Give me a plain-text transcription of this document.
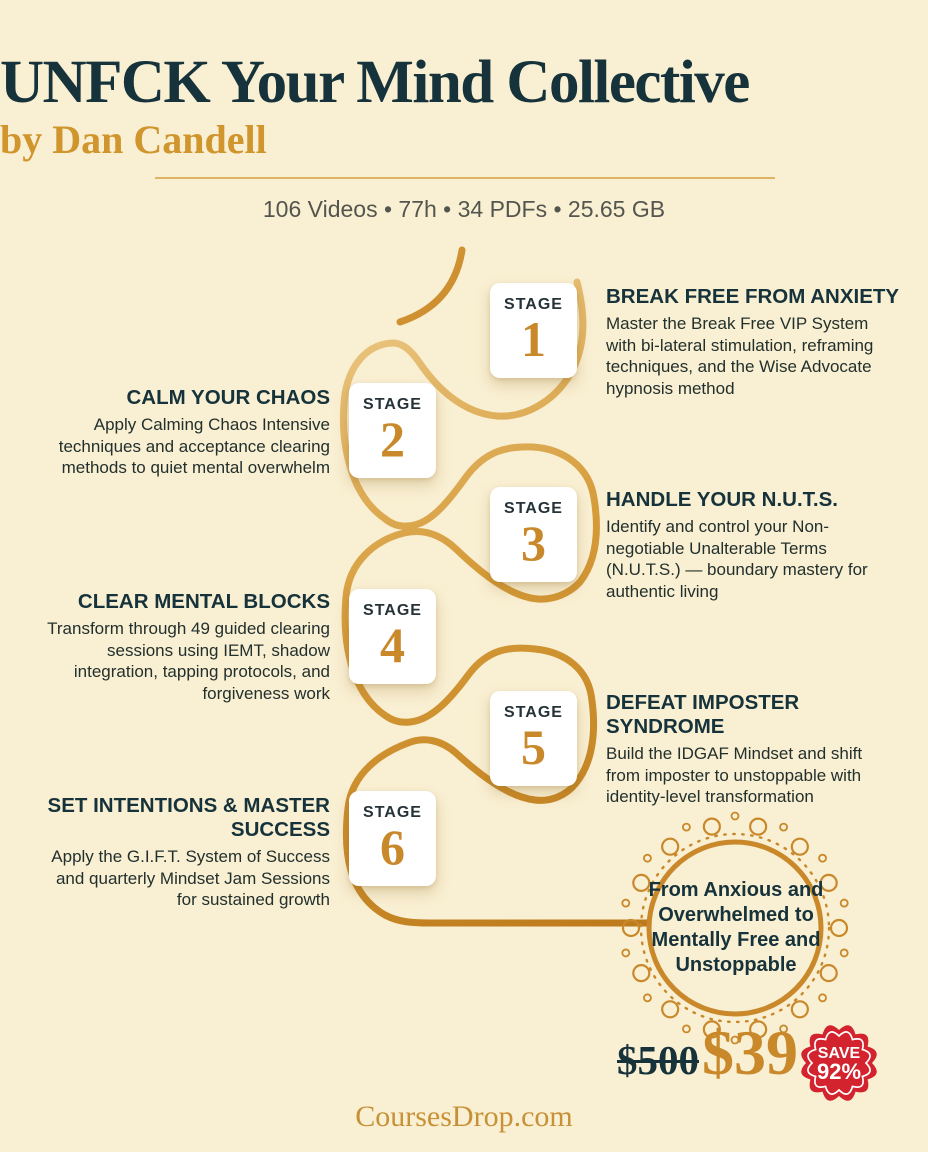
UNFCK Your Mind Collective
by Dan Candell
106 Videos • 77h • 34 PDFs • 25.65 GB
STAGE
1
STAGE
2
STAGE
3
STAGE
4
STAGE
5
STAGE
6
BREAK FREE FROM ANXIETY
Master the Break Free VIP System with bi-lateral stimulation, reframing techniques, and the Wise Advocate hypnosis method
CALM YOUR CHAOS
Apply Calming Chaos Intensive techniques and acceptance clearing methods to quiet mental overwhelm
HANDLE YOUR N.U.T.S.
Identify and control your Non-negotiable Unalterable Terms (N.U.T.S.) — boundary mastery for authentic living
CLEAR MENTAL BLOCKS
Transform through 49 guided clearing sessions using IEMT, shadow integration, tapping protocols, and forgiveness work	DEFEAT IMPOSTER SYNDROME
Build the IDGAF Mindset and shift from imposter to unstoppable with identity-level transformation
SET INTENTIONS & MASTER SUCCESS
Apply the G.I.F.T. System of Success and quarterly Mindset Jam Sessions for sustained growth	From Anxious and Overwhelmed to Mentally Free and Unstoppable
$500 $39 SAVE
92%
CoursesDrop.com
